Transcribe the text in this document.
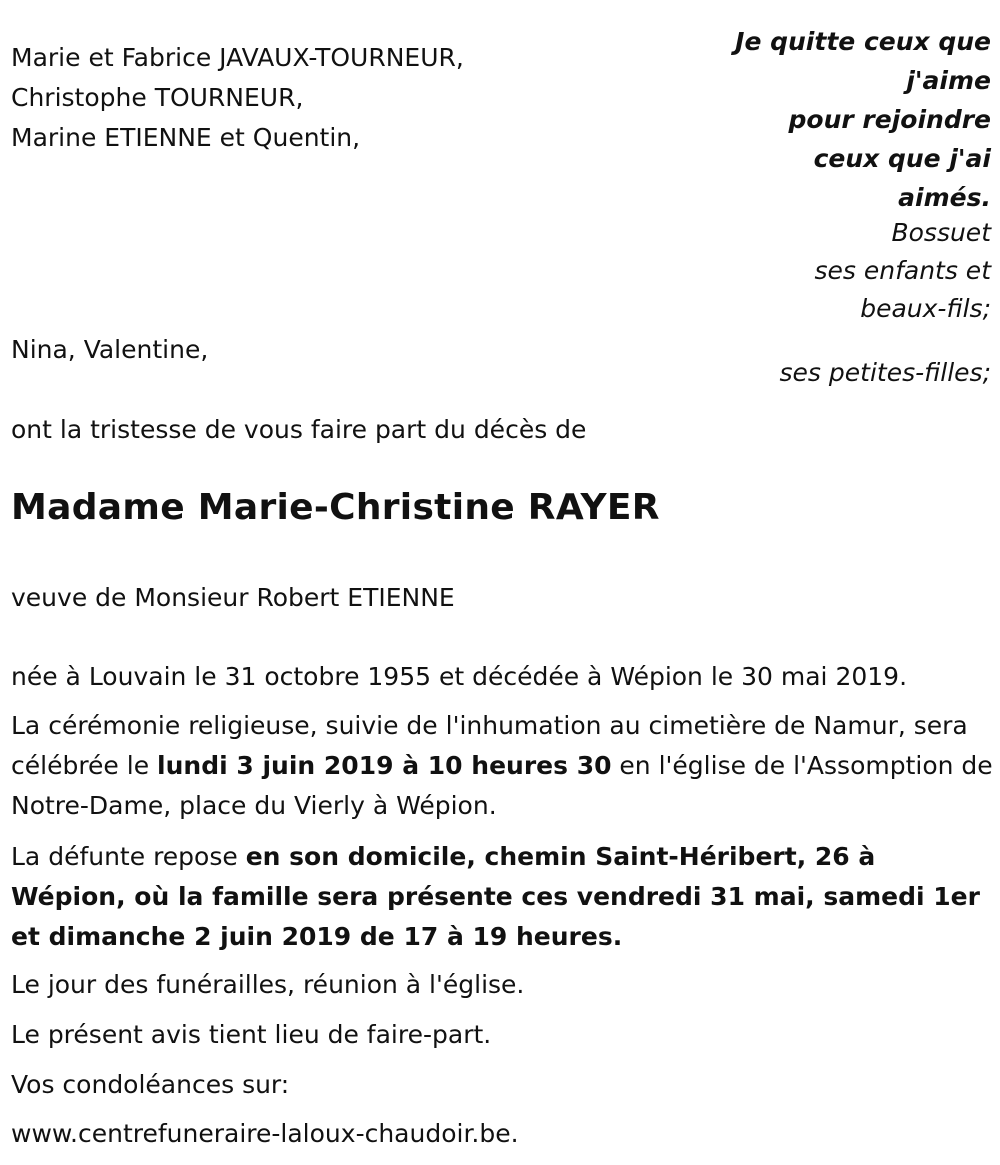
Marie et Fabrice JAVAUX-TOURNEUR,
Christophe TOURNEUR,
Marine ETIENNE et Quentin,
Je quitte ceux que
j'aime
pour rejoindre
ceux que j'ai
aimés.
Bossuet
ses enfants et beaux-fils;
Nina, Valentine,
ses petites-filles;
ont la tristesse de vous faire part du décès de
Madame Marie-Christine RAYER
veuve de Monsieur Robert ETIENNE
née à Louvain le 31 octobre 1955 et décédée à Wépion le 30 mai 2019.
La cérémonie religieuse, suivie de l'inhumation au cimetière de Namur, sera célébrée le lundi 3 juin 2019 à 10 heures 30 en l'église de l'Assomption de Notre-Dame, place du Vierly à Wépion.
La défunte repose en son domicile, chemin Saint-Héribert, 26 à Wépion, où la famille sera présente ces vendredi 31 mai, samedi 1er et dimanche 2 juin 2019 de 17 à 19 heures.
Le jour des funérailles, réunion à l'église.
Le présent avis tient lieu de faire-part.
Vos condoléances sur:
www.centrefuneraire-laloux-chaudoir.be.
